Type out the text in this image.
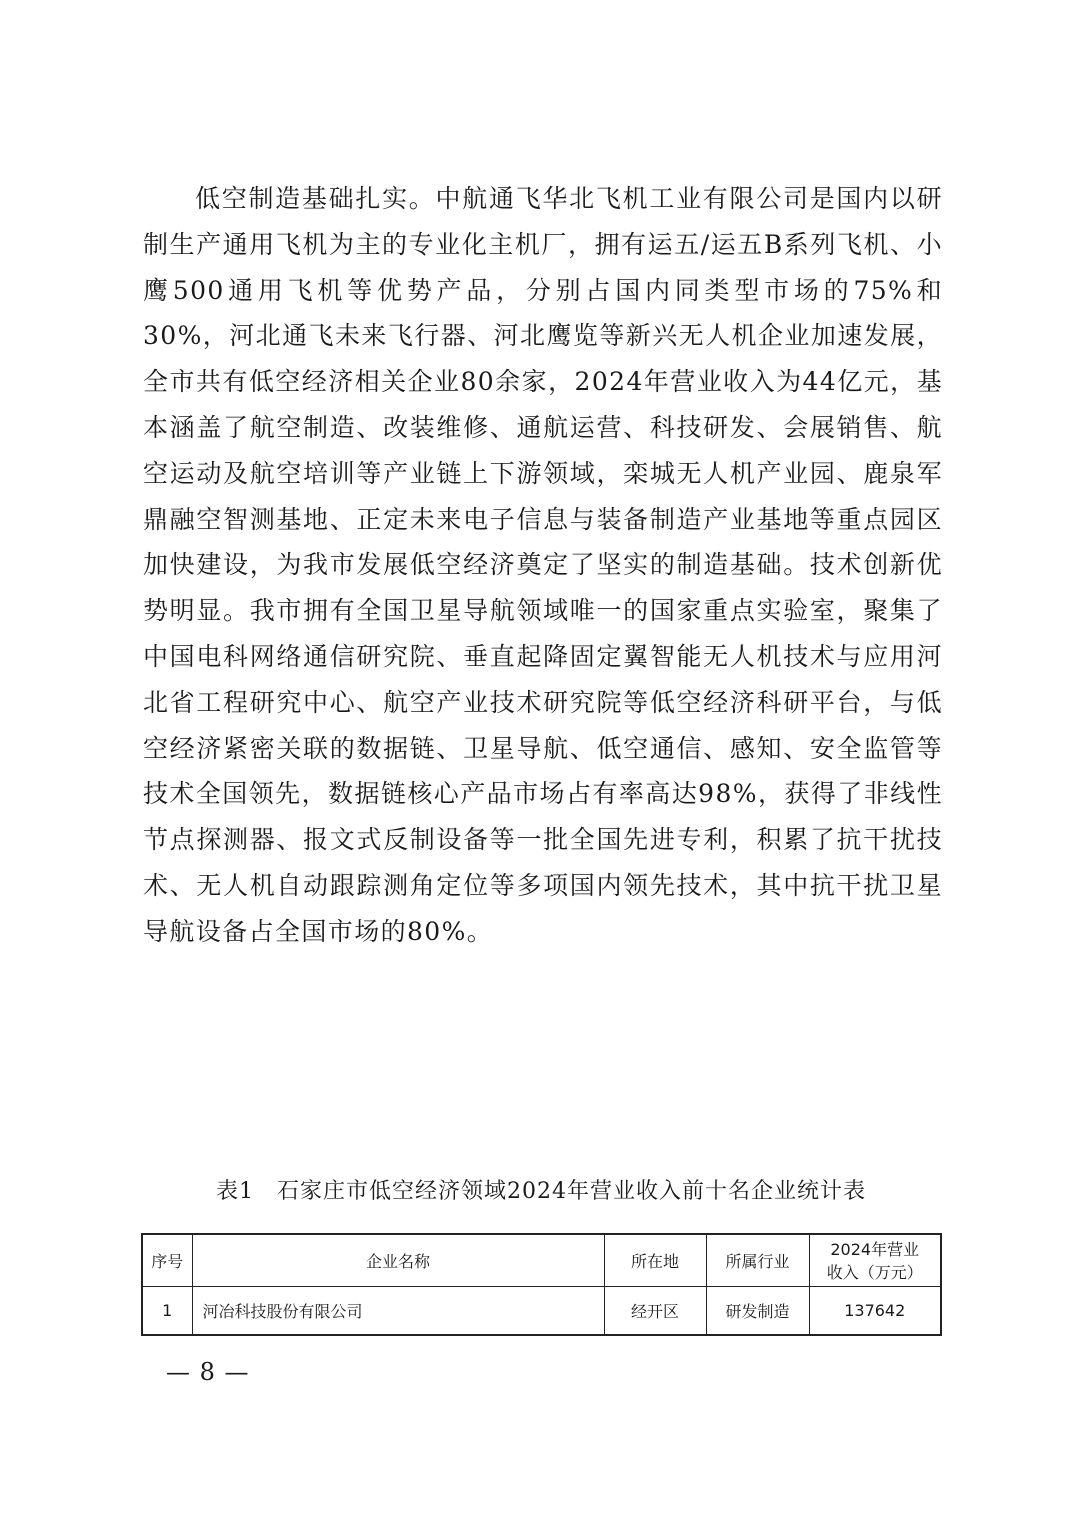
低空制造基础扎实。中航通飞华北飞机工业有限公司是国内以研制生产通用飞机为主的专业化主机厂，拥有运五/运五B系列飞机、小鹰500通用飞机等优势产品，分别占国内同类型市场的75%和30%，河北通飞未来飞行器、河北鹰览等新兴无人机企业加速发展，全市共有低空经济相关企业80余家，2024年营业收入为44亿元，基本涵盖了航空制造、改装维修、通航运营、科技研发、会展销售、航空运动及航空培训等产业链上下游领域，栾城无人机产业园、鹿泉军鼎融空智测基地、正定未来电子信息与装备制造产业基地等重点园区加快建设，为我市发展低空经济奠定了坚实的制造基础。技术创新优势明显。我市拥有全国卫星导航领域唯一的国家重点实验室，聚集了中国电科网络通信研究院、垂直起降固定翼智能无人机技术与应用河北省工程研究中心、航空产业技术研究院等低空经济科研平台，与低空经济紧密关联的数据链、卫星导航、低空通信、感知、安全监管等技术全国领先，数据链核心产品市场占有率高达98%，获得了非线性节点探测器、报文式反制设备等一批全国先进专利，积累了抗干扰技术、无人机自动跟踪测角定位等多项国内领先技术，其中抗干扰卫星导航设备占全国市场的80%。

表1　石家庄市低空经济领域2024年营业收入前十名企业统计表
序号	企业名称	所在地	所属行业	2024年营业
收入（万元）
1	河冶科技股份有限公司	经开区	研发制造	137642
— 8 —
